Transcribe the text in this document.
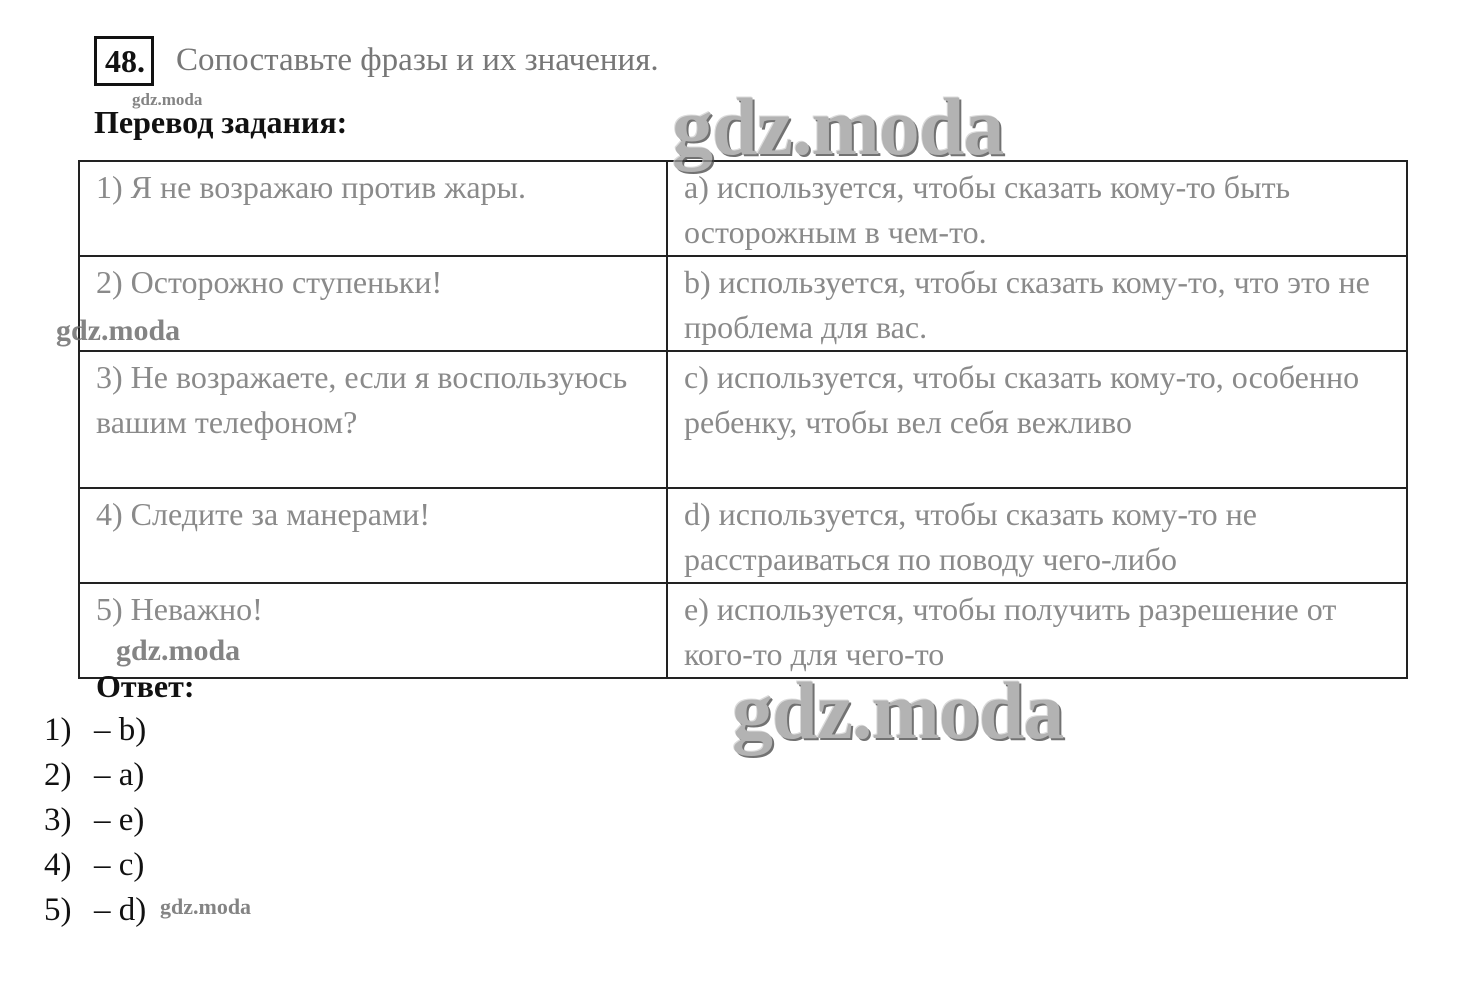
48. Сопоставьте фразы и их значения.
Перевод задания:
1) Я не возражаю против жары.	a) используется, чтобы сказать кому-то быть осторожным в чем-то.
2) Осторожно ступеньки!	b) используется, чтобы сказать кому-то, что это не проблема для вас.
3) Не возражаете, если я воспользуюсь вашим телефоном?	c) используется, чтобы сказать кому-то, особенно ребенку, чтобы вел себя вежливо
4) Следите за манерами!	d) используется, чтобы сказать кому-то не расстраиваться по поводу чего-либо
5) Неважно!	e) используется, чтобы получить разрешение от кого-то для чего-то
Ответ:
1) – b)
2) – a)
3) – e)
4) – c)
5) – d)
gdz.moda	gdz.moda
gdz.moda
gdz.moda
gdz.moda
gdz.moda
